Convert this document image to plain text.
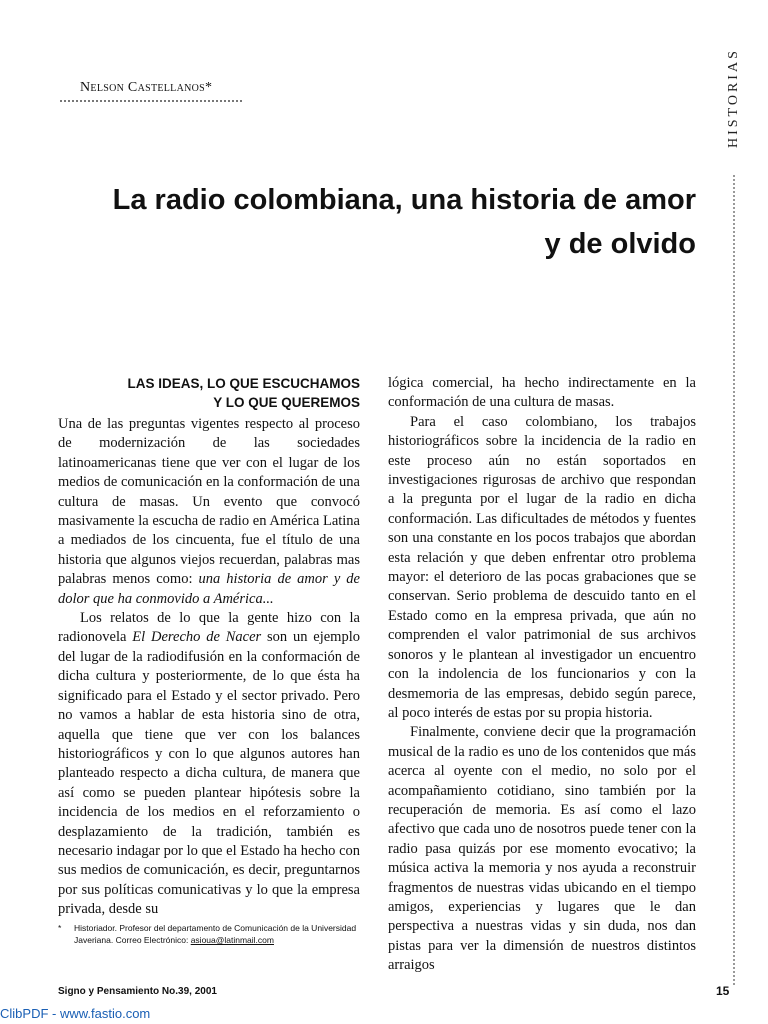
Nelson Castellanos*	HISTORIAS
La radio colombiana, una historia de amor
y de olvido
LAS IDEAS, LO QUE ESCUCHAMOS
Y LO QUE QUEREMOS

Una de las preguntas vigentes respecto al proceso de modernización de las sociedades latinoamericanas tiene que ver con el lugar de los medios de comunicación en la conformación de una cultura de masas. Un evento que convocó masivamente la escucha de radio en América Latina a mediados de los cincuenta, fue el título de una historia que algunos viejos recuerdan, palabras mas palabras menos como: una historia de amor y de dolor que ha conmovido a América...

Los relatos de lo que la gente hizo con la radionovela El Derecho de Nacer son un ejemplo del lugar de la radiodifusión en la conformación de dicha cultura y posteriormente, de lo que ésta ha significado para el Estado y el sector privado. Pero no vamos a hablar de esta historia sino de otra, aquella que tiene que ver con los balances historiográficos y con lo que algunos autores han planteado respecto a dicha cultura, de manera que así como se pueden plantear hipótesis sobre la incidencia de los medios en el reforzamiento o desplazamiento de la tradición, también es necesario indagar por lo que el Estado ha hecho con sus medios de comunicación, es decir, preguntarnos por sus políticas comunicativas y lo que la empresa privada, desde su

lógica comercial, ha hecho indirectamente en la conformación de una cultura de masas.

Para el caso colombiano, los trabajos historiográficos sobre la incidencia de la radio en este proceso aún no están soportados en investigaciones rigurosas de archivo que respondan a la pregunta por el lugar de la radio en dicha conformación. Las dificultades de métodos y fuentes son una constante en los pocos trabajos que abordan esta relación y que deben enfrentar otro problema mayor: el deterioro de las pocas grabaciones que se conservan. Serio problema de descuido tanto en el Estado como en la empresa privada, que aún no comprenden el valor patrimonial de sus archivos sonoros y le plantean al investigador un encuentro con la indolencia de los funcionarios y con la desmemoria de las empresas, debido según parece, al poco interés de estas por su propia historia.

Finalmente, conviene decir que la programación musical de la radio es uno de los contenidos que más acerca al oyente con el medio, no solo por el acompañamiento cotidiano, sino también por la recuperación de memoria. Es así como el lazo afectivo que cada uno de nosotros puede tener con la radio pasa quizás por ese momento evocativo; la música activa la memoria y nos ayuda a reconstruir fragmentos de nuestras vidas ubicando en el tiempo amigos, experiencias y lugares que le dan perspectiva a nuestras vidas y sin duda, nos dan pistas para ver la dimensión de nuestros distintos arraigos

*	Historiador. Profesor del departamento de Comunicación de la Universidad Javeriana. Correo Electrónico: asioua@latinmail.com
Signo y Pensamiento No.39, 2001	15
ClibPDF - www.fastio.com
